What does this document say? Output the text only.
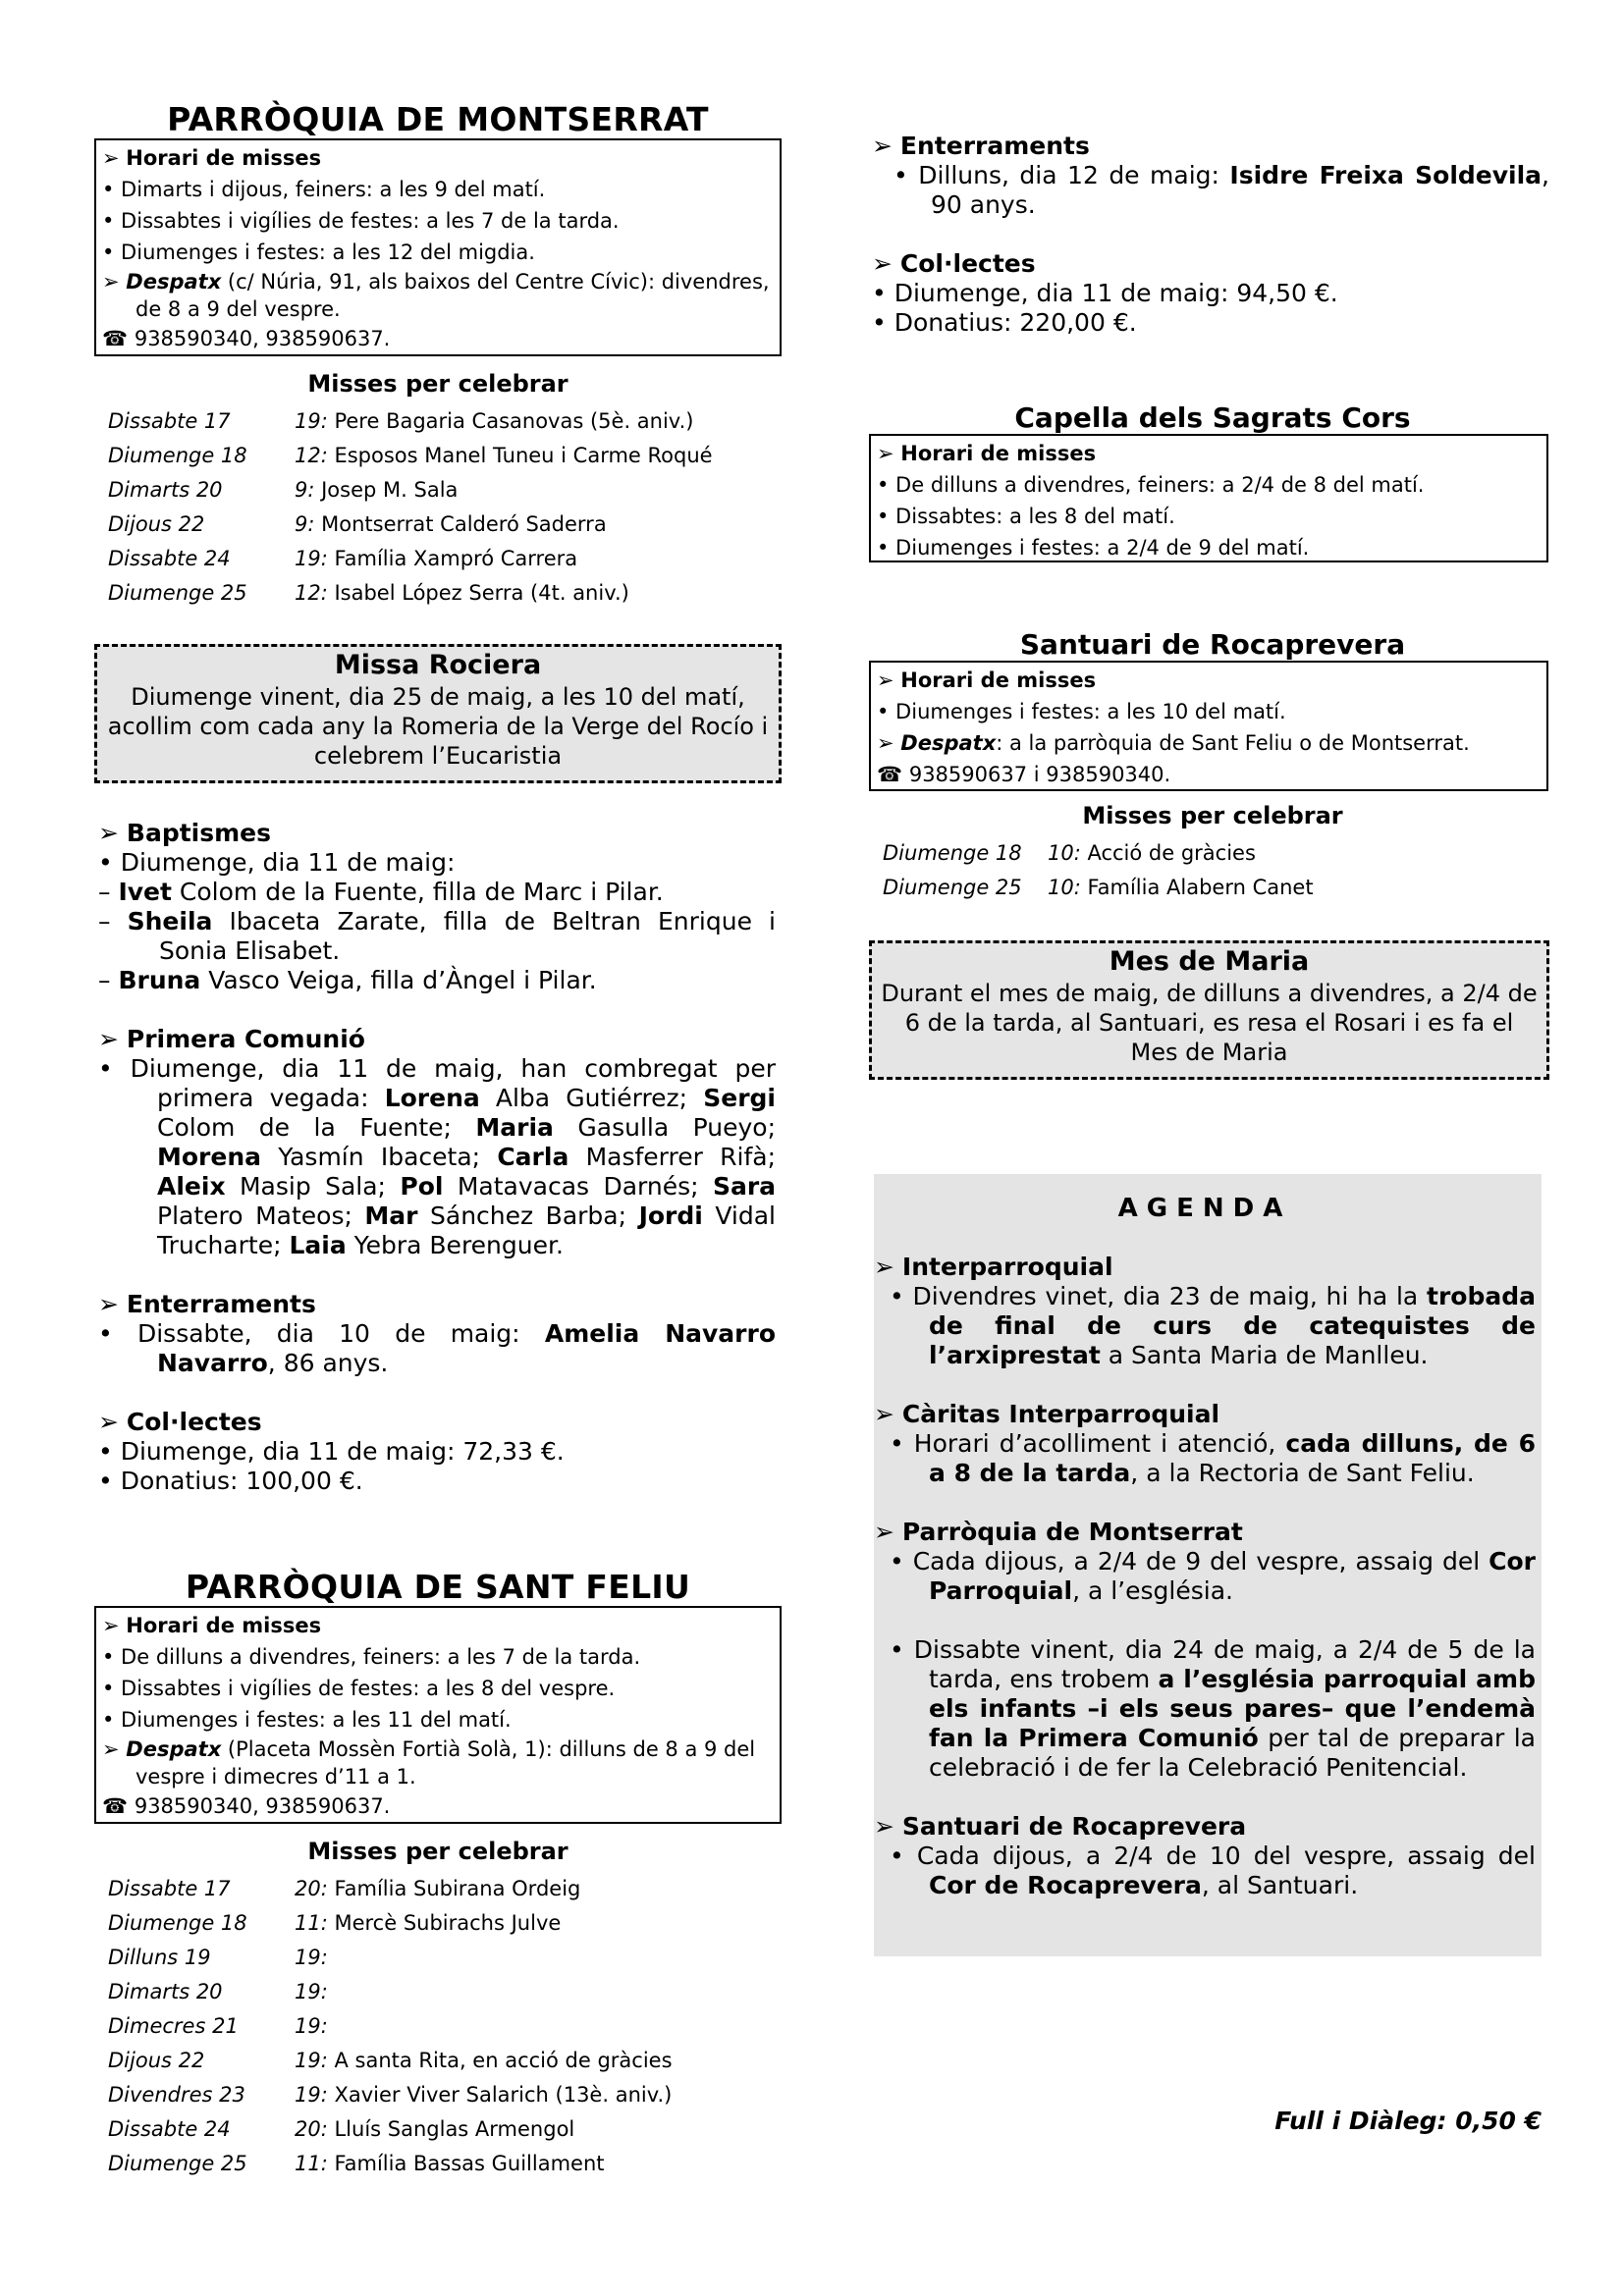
PARRÒQUIA DE MONTSERRAT
➢ Horari de misses
• Dimarts i dijous, feiners: a les 9 del matí.
• Dissabtes i vigílies de festes: a les 7 de la tarda.
• Diumenges i festes: a les 12 del migdia.
➢ Despatx (c/ Núria, 91, als baixos del Centre Cívic): divendres, de 8 a 9 del vespre.
☎ 938590340, 938590637.
Misses per celebrar
Dissabte 17	19: Pere Bagaria Casanovas (5è. aniv.)
Diumenge 18	12: Esposos Manel Tuneu i Carme Roqué
Dimarts 20	9: Josep M. Sala
Dijous 22	9: Montserrat Calderó Saderra
Dissabte 24	19: Família Xampró Carrera
Diumenge 25	12: Isabel López Serra (4t. aniv.)
Missa Rociera
Diumenge vinent, dia 25 de maig, a les 10 del matí, acollim com cada any la Romeria de la Verge del Rocío i celebrem l’Eucaristia
➢ Baptismes
• Diumenge, dia 11 de maig:
– Ivet Colom de la Fuente, filla de Marc i Pilar.
– Sheila Ibaceta Zarate, filla de Beltran Enrique i Sonia Elisabet.
– Bruna Vasco Veiga, filla d’Àngel i Pilar.
➢ Primera Comunió
• Diumenge, dia 11 de maig, han combregat per primera vegada: Lorena Alba Gutiérrez; Sergi Colom de la Fuente; Maria Gasulla Pueyo; Morena Yasmín Ibaceta; Carla Masferrer Rifà; Aleix Masip Sala; Pol Matavacas Darnés; Sara Platero Mateos; Mar Sánchez Barba; Jordi Vidal Trucharte; Laia Yebra Berenguer.
➢ Enterraments
• Dissabte, dia 10 de maig: Amelia Navarro Navarro, 86 anys.
➢ Col·lectes
• Diumenge, dia 11 de maig: 72,33 €.
• Donatius: 100,00 €.
PARRÒQUIA DE SANT FELIU
➢ Horari de misses
• De dilluns a divendres, feiners: a les 7 de la tarda.
• Dissabtes i vigílies de festes: a les 8 del vespre.
• Diumenges i festes: a les 11 del matí.
➢ Despatx (Placeta Mossèn Fortià Solà, 1): dilluns de 8 a 9 del vespre i dimecres d’11 a 1.
☎ 938590340, 938590637.
Misses per celebrar
Dissabte 17	20: Família Subirana Ordeig
Diumenge 18	11: Mercè Subirachs Julve
Dilluns 19	19:
Dimarts 20	19:
Dimecres 21	19:
Dijous 22	19: A santa Rita, en acció de gràcies
Divendres 23	19: Xavier Viver Salarich (13è. aniv.)
Dissabte 24	20: Lluís Sanglas Armengol
Diumenge 25	11: Família Bassas Guillament
➢ Enterraments
• Dilluns, dia 12 de maig: Isidre Freixa Soldevila, 90 anys.
➢ Col·lectes
• Diumenge, dia 11 de maig: 94,50 €.
• Donatius: 220,00 €.
Capella dels Sagrats Cors
➢ Horari de misses
• De dilluns a divendres, feiners: a 2/4 de 8 del matí.
• Dissabtes: a les 8 del matí.
• Diumenges i festes: a 2/4 de 9 del matí.
Santuari de Rocaprevera
➢ Horari de misses
• Diumenges i festes: a les 10 del matí.
➢ Despatx: a la parròquia de Sant Feliu o de Montserrat.
☎ 938590637 i 938590340.
Misses per celebrar
Diumenge 18	10: Acció de gràcies
Diumenge 25	10: Família Alabern Canet
Mes de Maria
Durant el mes de maig, de dilluns a divendres, a 2/4 de 6 de la tarda, al Santuari, es resa el Rosari i es fa el Mes de Maria
AGENDA
➢ Interparroquial
• Divendres vinet, dia 23 de maig, hi ha la trobada de final de curs de catequistes de l’arxiprestat a Santa Maria de Manlleu.
➢ Càritas Interparroquial
• Horari d’acolliment i atenció, cada dilluns, de 6 a 8 de la tarda, a la Rectoria de Sant Feliu.
➢ Parròquia de Montserrat
• Cada dijous, a 2/4 de 9 del vespre, assaig del Cor Parroquial, a l’església.
• Dissabte vinent, dia 24 de maig, a 2/4 de 5 de la tarda, ens trobem a l’església parroquial amb els infants –i els seus pares– que l’endemà fan la Primera Comunió per tal de preparar la celebració i de fer la Celebració Penitencial.
➢ Santuari de Rocaprevera
• Cada dijous, a 2/4 de 10 del vespre, assaig del Cor de Rocaprevera, al Santuari.
Full i Diàleg: 0,50 €
